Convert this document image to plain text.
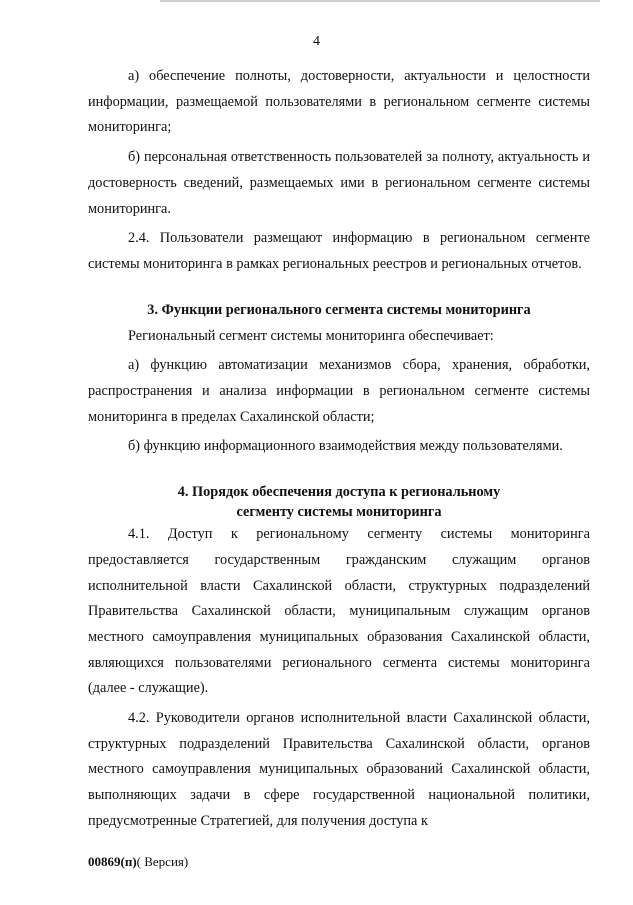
4

а) обеспечение полноты, достоверности, актуальности и целостности информации, размещаемой пользователями в региональном сегменте системы мониторинга;

б) персональная ответственность пользователей за полноту, актуальность и достоверность сведений, размещаемых ими в региональном сегменте системы мониторинга.

2.4. Пользователи размещают информацию в региональном сегменте системы мониторинга в рамках региональных реестров и региональных отчетов.

3. Функции регионального сегмента системы мониторинга

Региональный сегмент системы мониторинга обеспечивает:

а) функцию автоматизации механизмов сбора, хранения, обработки, распространения и анализа информации в региональном сегменте системы мониторинга в пределах Сахалинской области;

б) функцию информационного взаимодействия между пользователями.

4. Порядок обеспечения доступа к региональному
сегменту системы мониторинга

4.1. Доступ к региональному сегменту системы мониторинга предоставляется государственным гражданским служащим органов исполнительной власти Сахалинской области, структурных подразделений Правительства Сахалинской области, муниципальным служащим органов местного самоуправления муниципальных образования Сахалинской области, являющихся пользователями регионального сегмента системы мониторинга (далее - служащие).

4.2. Руководители органов исполнительной власти Сахалинской области, структурных подразделений Правительства Сахалинской области, органов местного самоуправления муниципальных образований Сахалинской области, выполняющих задачи в сфере государственной национальной политики, предусмотренные Стратегией, для получения доступа к

00869(п)( Версия)
